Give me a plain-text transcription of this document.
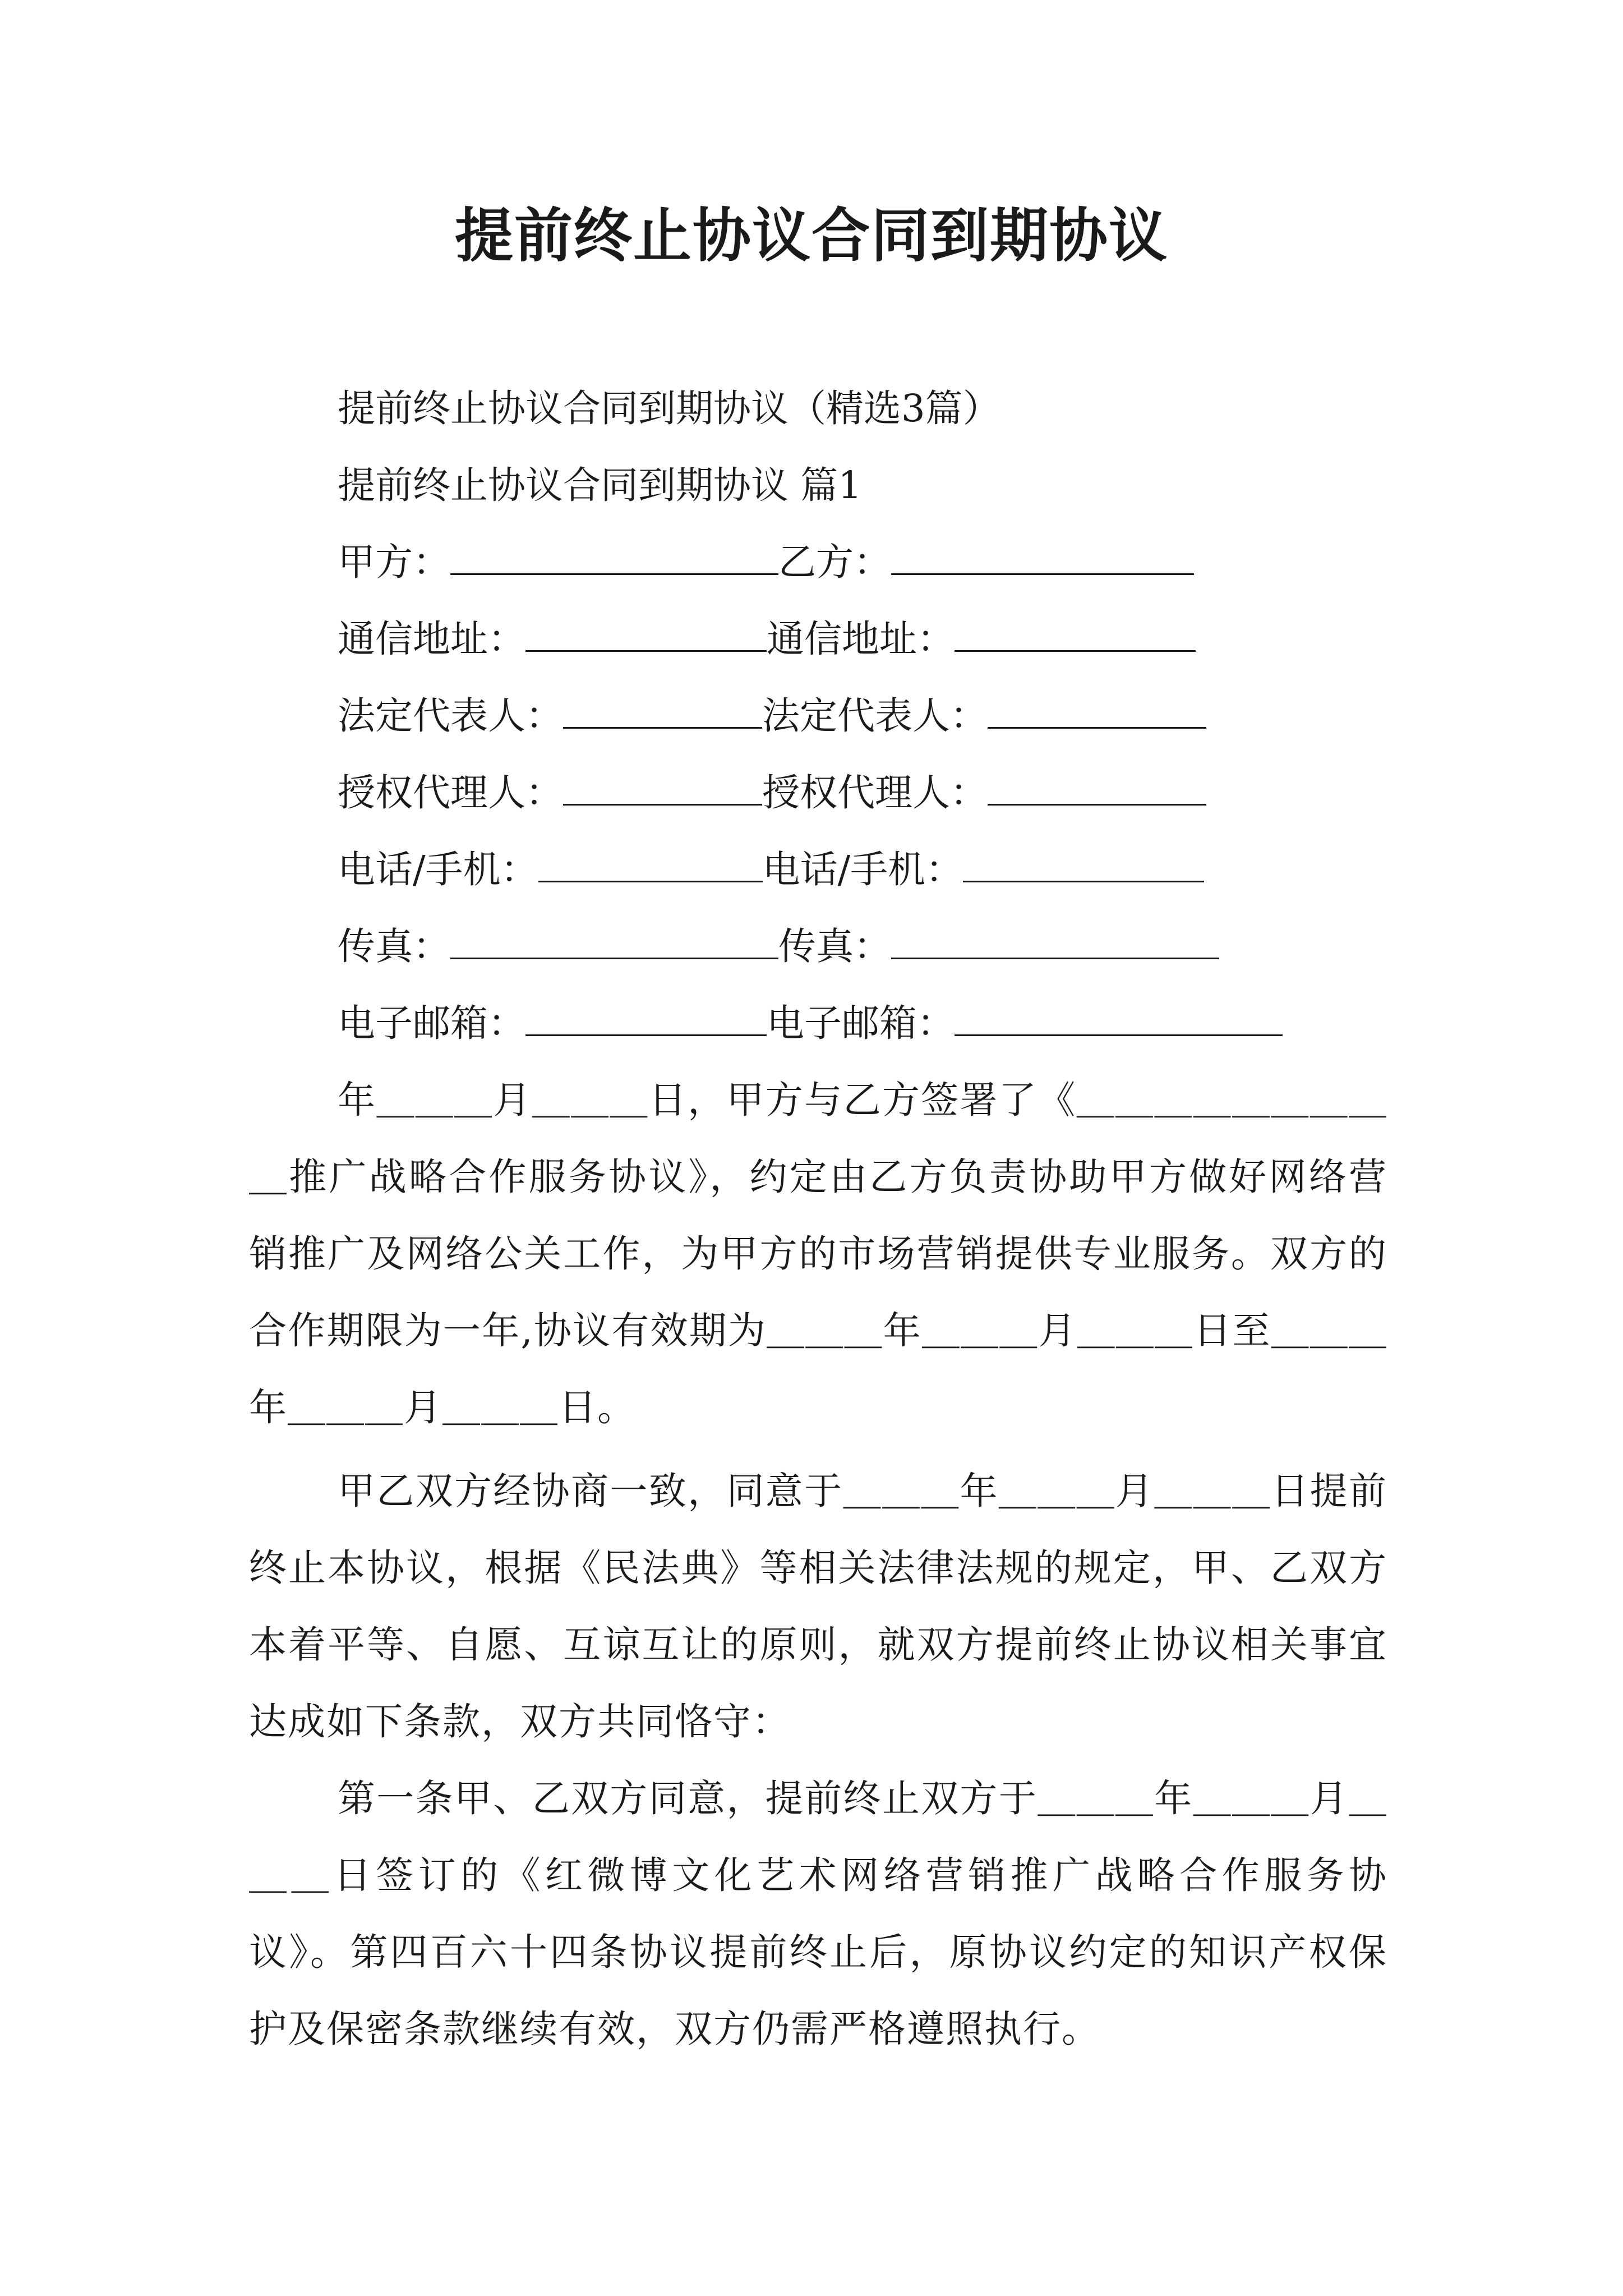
提前终止协议合同到期协议
提前终止协议合同到期协议（精选3篇）
提前终止协议合同到期协议 篇1
甲方：	乙方：
通信地址：	通信地址：
法定代表人：	法定代表人：
授权代理人：	授权代理人：
电话/手机：	电话/手机：
传真：	传真：
电子邮箱：	电子邮箱：

年＿＿＿月＿＿＿日，甲方与乙方签署了《＿＿＿＿＿＿＿＿＿推广战略合作服务协议》，约定由乙方负责协助甲方做好网络营销推广及网络公关工作，为甲方的市场营销提供专业服务。双方的合作期限为一年,协议有效期为＿＿＿年＿＿＿月＿＿＿日至＿＿＿年＿＿＿月＿＿＿日。

甲乙双方经协商一致，同意于＿＿＿年＿＿＿月＿＿＿日提前终止本协议，根据《民法典》等相关法律法规的规定，甲、乙双方本着平等、自愿、互谅互让的原则，就双方提前终止协议相关事宜达成如下条款，双方共同恪守：

第一条甲、乙双方同意，提前终止双方于＿＿＿年＿＿＿月＿＿＿日签订的《红微博文化艺术网络营销推广战略合作服务协议》。第四百六十四条协议提前终止后，原协议约定的知识产权保护及保密条款继续有效，双方仍需严格遵照执行。
